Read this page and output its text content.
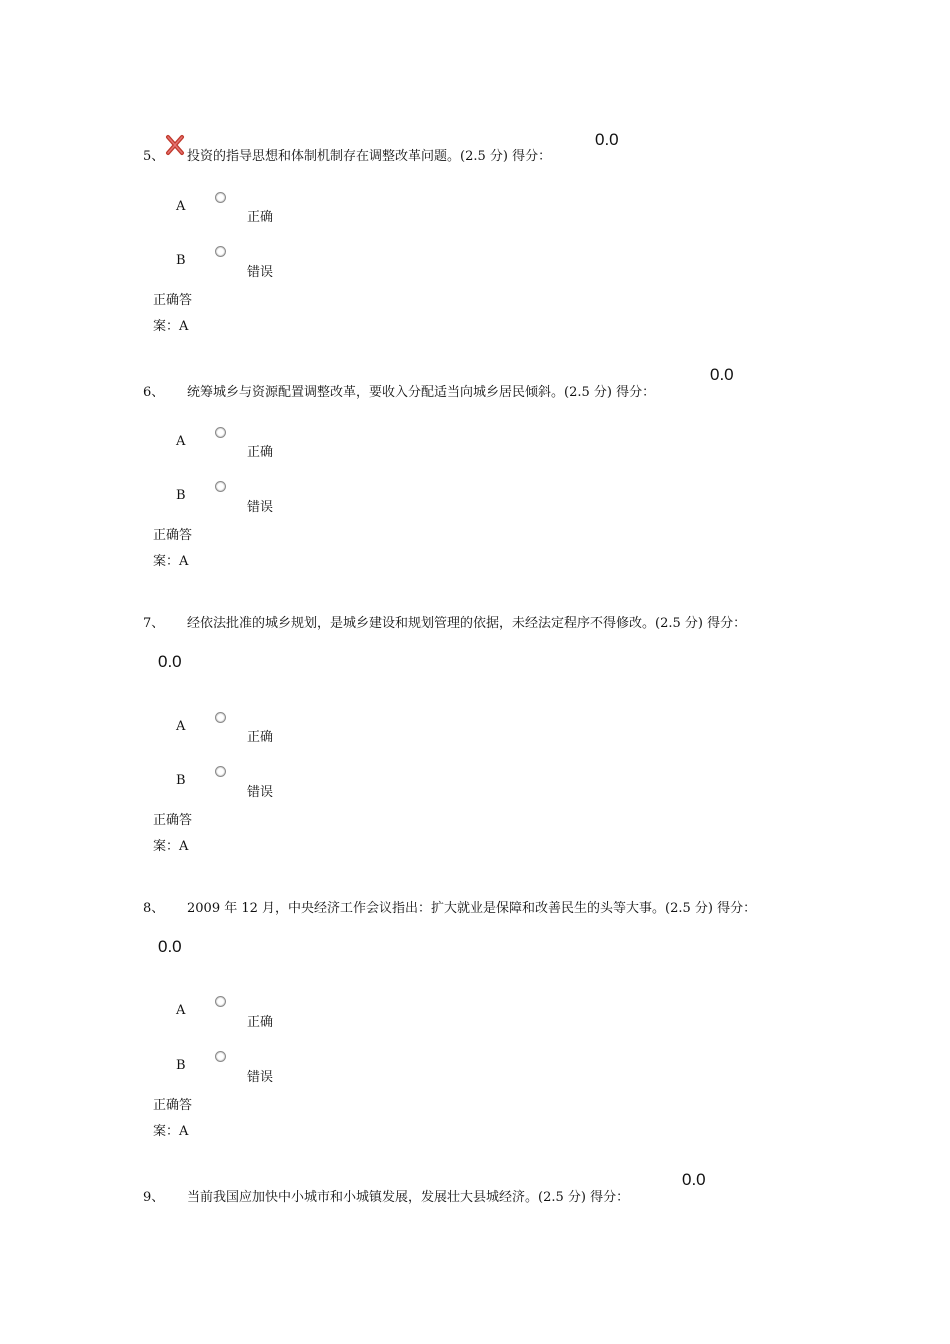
5、 投资的指导思想和体制机制存在调整改革问题。(2.5 分) 得分：
0.0
A
正确
B
错误
正确答
案：A
6、 统筹城乡与资源配置调整改革，要收入分配适当向城乡居民倾斜。(2.5 分) 得分：
0.0
A
正确
B
错误
正确答
案：A
7、 经依法批准的城乡规划，是城乡建设和规划管理的依据，未经法定程序不得修改。(2.5 分) 得分：
0.0
A
正确
B
错误
正确答
案：A
8、 2009 年 12 月，中央经济工作会议指出：扩大就业是保障和改善民生的头等大事。(2.5 分) 得分：
0.0
A
正确
B
错误
正确答
案：A
9、 当前我国应加快中小城市和小城镇发展，发展壮大县城经济。(2.5 分) 得分：
0.0
